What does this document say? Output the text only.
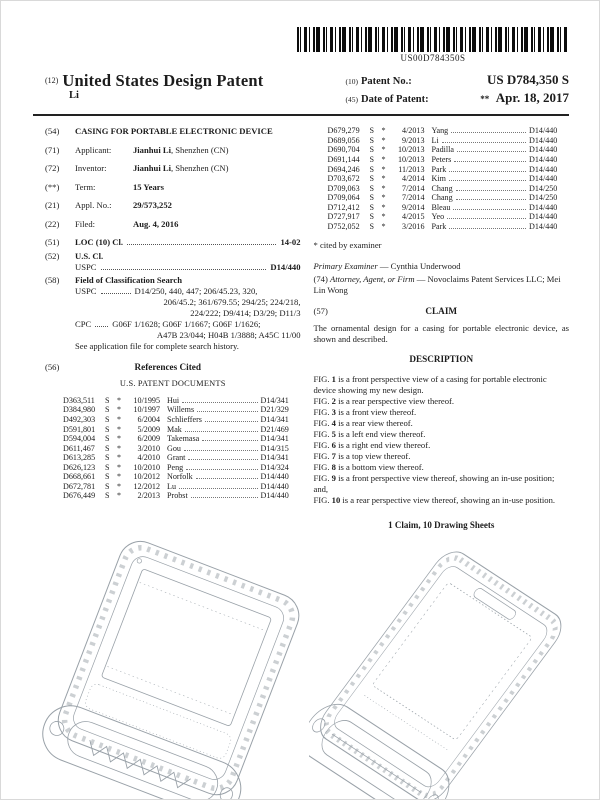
US00D784350S
(12) United States Design Patent
Li
(10) Patent No.:	US D784,350 S
(45) Date of Patent:	** Apr. 18, 2017
(54)	CASING FOR PORTABLE ELECTRONIC DEVICE
(71)	Applicant:	Jianhui Li, Shenzhen (CN)
(72)	Inventor:	Jianhui Li, Shenzhen (CN)
(**)	Term:	15 Years
(21)	Appl. No.: 29/573,252
(22)	Filed:	Aug. 4, 2016
(51)	LOC (10) Cl.	14-02
(52)	U.S. Cl.
USPC	D14/440
(58)	Field of Classification Search
USPC	D14/250, 440, 447; 206/45.23, 320,
206/45.2; 361/679.55; 294/25; 224/218,
224/222; D9/414; D3/29; D11/3
CPC G06F 1/1628; G06F 1/1667; G06F 1/1626;
A47B 23/044; H04B 1/3888; A45C 11/00
See application file for complete search history.
(56)	References Cited
U.S. PATENT DOCUMENTS
D363,511	S *	10/1995 Hui	D14/341
D384,980	S *	10/1997 Willems	D21/329
D492,303	S *	6/2004 Schlieffers	D14/341
D591,801	S *	5/2009 Mak	D21/469
D594,004	S *	6/2009 Takemasa	D14/341
D611,467	S *	3/2010 Gou	D14/315
D613,285	S *	4/2010 Grant	D14/341
D626,123	S *	10/2010 Peng	D14/324
D668,661	S *	10/2012 Norfolk	D14/440
D672,781	S *	12/2012 Lu	D14/440
D676,449	S *	2/2013 Probst	D14/440
D679,279	S *	4/2013 Yang	D14/440
D689,056	S *	9/2013 Li	D14/440
D690,704	S *	10/2013 Padilla	D14/440
D691,144	S *	10/2013 Peters	D14/440
D694,246	S *	11/2013 Park	D14/440
D703,672	S *	4/2014 Kim	D14/440
D709,063	S *	7/2014 Chang	D14/250
D709,064	S *	7/2014 Chang	D14/250
D712,412	S *	9/2014 Bleau	D14/440
D727,917	S *	4/2015 Yeo	D14/440
D752,052	S *	3/2016 Park	D14/440
* cited by examiner
Primary Examiner — Cynthia Underwood
(74) Attorney, Agent, or Firm — Novoclaims Patent Services LLC; Mei Lin Wong
(57)	CLAIM
The ornamental design for a casing for portable electronic device, as shown and described.
DESCRIPTION
FIG. 1 is a front perspective view of a casing for portable electronic device showing my new design.
FIG. 2 is a rear perspective view thereof.
FIG. 3 is a front view thereof.
FIG. 4 is a rear view thereof.
FIG. 5 is a left end view thereof.
FIG. 6 is a right end view thereof.
FIG. 7 is a top view thereof.
FIG. 8 is a bottom view thereof.
FIG. 9 is a front perspective view thereof, showing an in-use position; and,
FIG. 10 is a rear perspective view thereof, showing an in-use position.
1 Claim, 10 Drawing Sheets
